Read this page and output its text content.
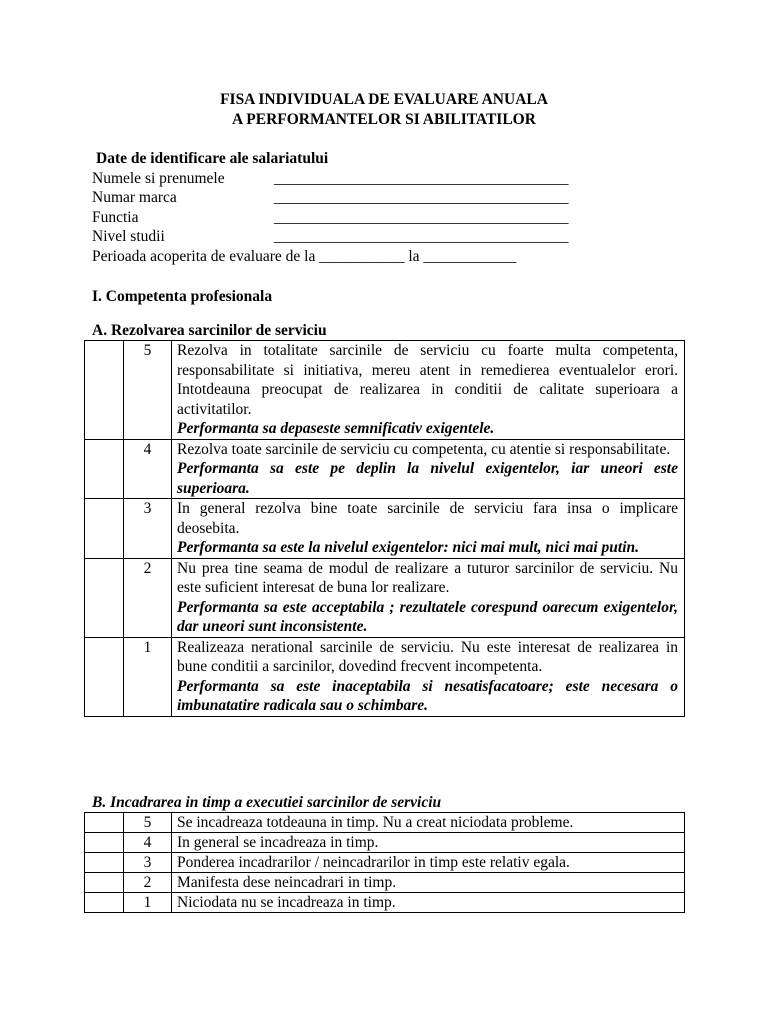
FISA INDIVIDUALA DE EVALUARE ANUALA
A PERFORMANTELOR SI ABILITATILOR
Date de identificare ale salariatului
Numele si prenumele	______________________________________
Numar marca	______________________________________
Functia	______________________________________
Nivel studii	______________________________________
Perioada acoperita de evaluare de la ___________ la ____________
I. Competenta profesionala
A. Rezolvarea sarcinilor de serviciu
	5	Rezolva in totalitate sarcinile de serviciu cu foarte multa competenta, responsabilitate si initiativa, mereu atent in remedierea eventualelor erori. Intotdeauna preocupat de realizarea in conditii de calitate superioara a activitatilor.
Performanta sa depaseste semnificativ exigentele.

	4	Rezolva toate sarcinile de serviciu cu competenta, cu atentie si responsabilitate.
Performanta sa este pe deplin la nivelul exigentelor, iar uneori este superioara.

	3	In general rezolva bine toate sarcinile de serviciu fara insa o implicare deosebita.
Performanta sa este la nivelul exigentelor: nici mai mult, nici mai putin.

	2	Nu prea tine seama de modul de realizare a tuturor sarcinilor de serviciu. Nu este suficient interesat de buna lor realizare.
Performanta sa este acceptabila ; rezultatele corespund oarecum exigentelor, dar uneori sunt inconsistente.

	1	Realizeaza nerational sarcinile de serviciu. Nu este interesat de realizarea in bune conditii a sarcinilor, dovedind frecvent incompetenta.
Performanta sa este inaceptabila si nesatisfacatoare; este necesara o imbunatatire radicala sau o schimbare.
B. Incadrarea in timp a executiei sarcinilor de serviciu
	5	Se incadreaza totdeauna in timp. Nu a creat niciodata probleme.
	4	In general se incadreaza in timp.
	3	Ponderea incadrarilor / neincadrarilor in timp este relativ egala.
	2	Manifesta dese neincadrari in timp.
	1	Niciodata nu se incadreaza in timp.
